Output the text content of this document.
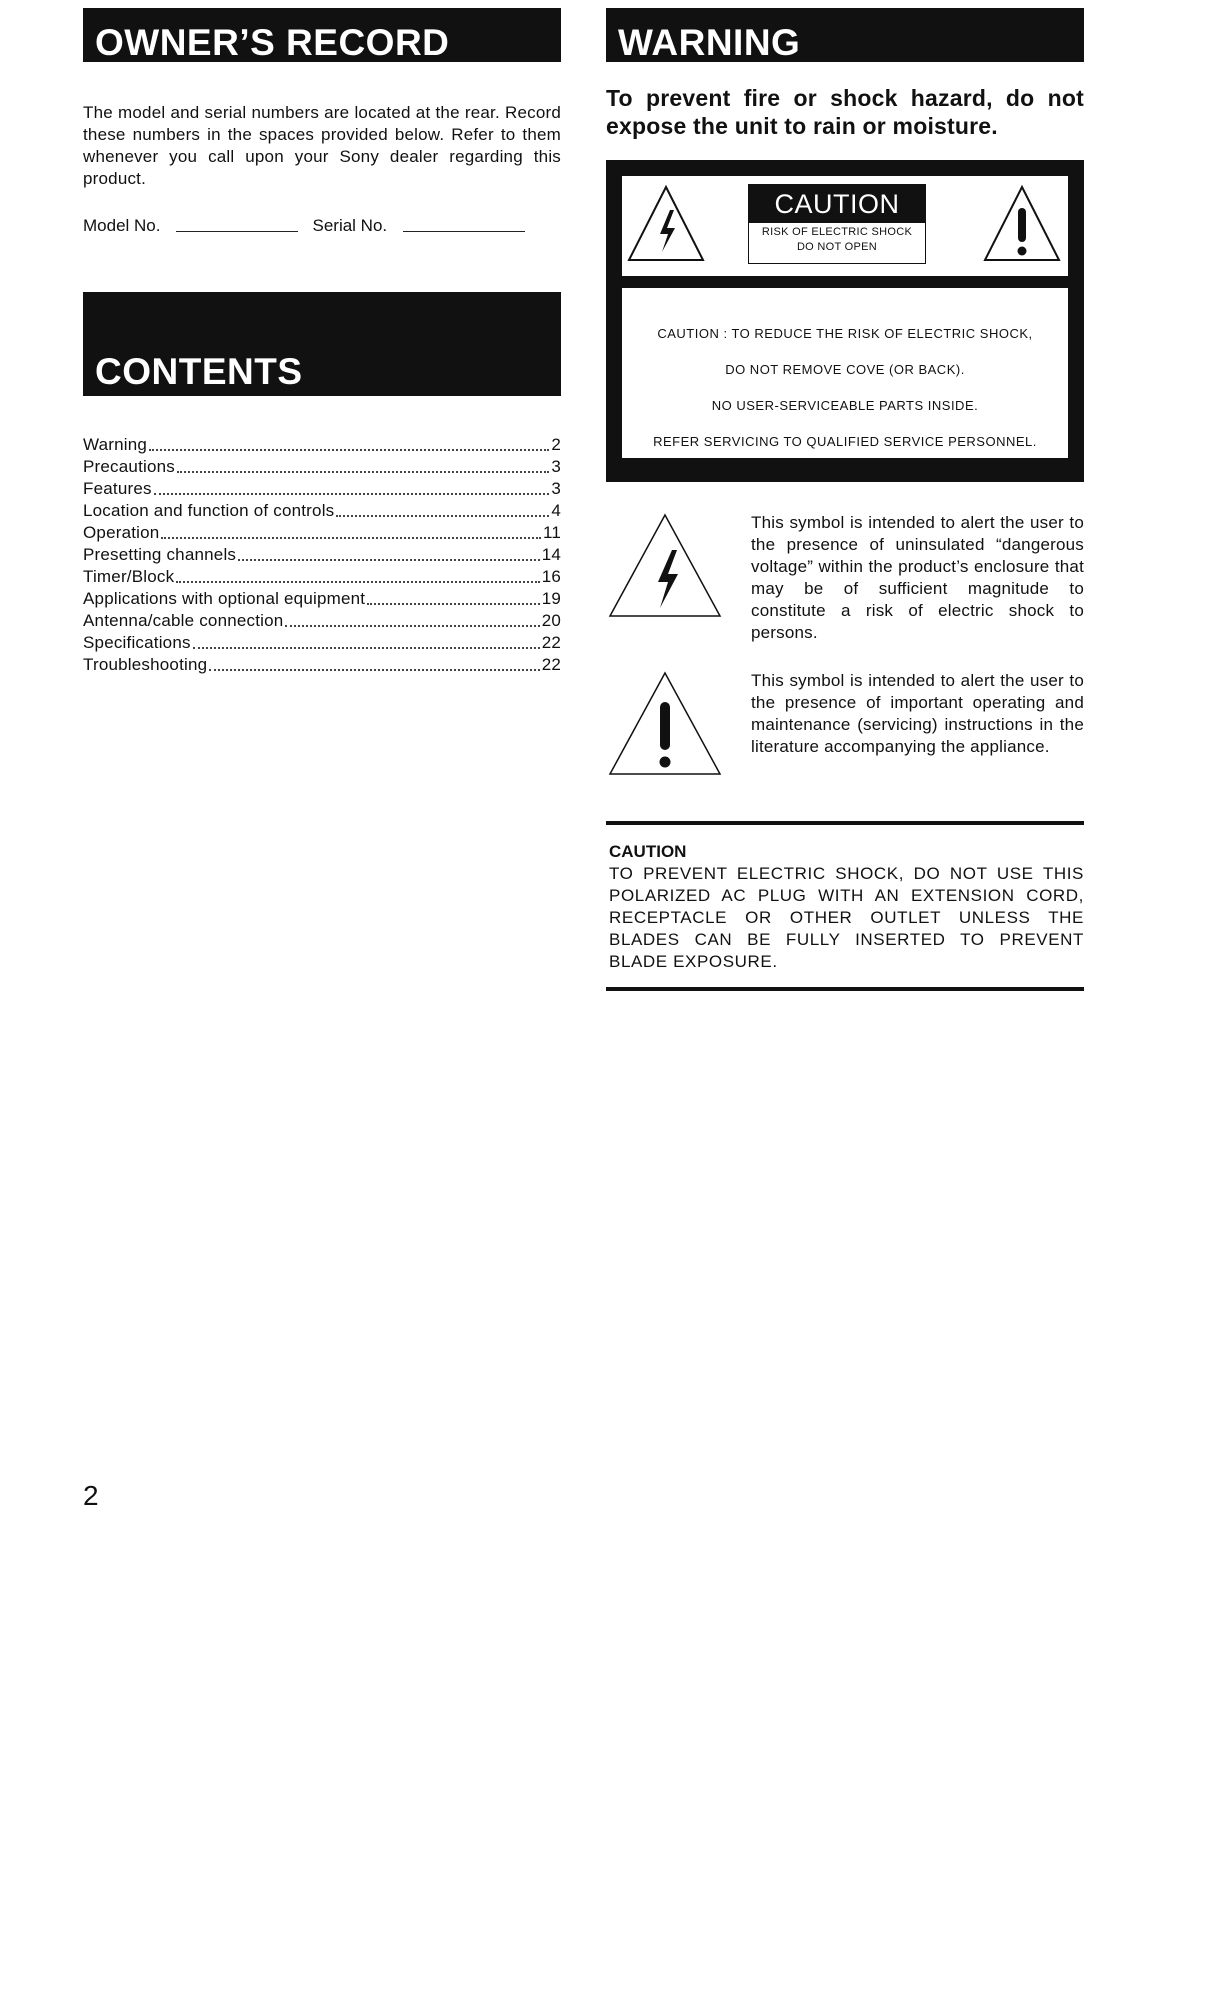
OWNER’S RECORD
The model and serial numbers are located at the rear. Record these numbers in the spaces provided below. Refer to them whenever you call upon your Sony dealer regarding this product.
Model No.	Serial No.
CONTENTS
Warning	2
Precautions	3
Features	3
Location and function of controls	4
Operation	11
Presetting channels	14
Timer/Block	16
Applications with optional equipment	19
Antenna/cable connection	20
Specifications	22
Troubleshooting	22
2
WARNING
To prevent fire or shock hazard, do not expose the unit to rain or moisture.
CAUTION
RISK OF ELECTRIC SHOCK
DO NOT OPEN

CAUTION : TO REDUCE THE RISK OF ELECTRIC SHOCK,

DO NOT REMOVE COVE (OR BACK).

NO USER-SERVICEABLE PARTS INSIDE.

REFER SERVICING TO QUALIFIED SERVICE PERSONNEL.

This symbol is intended to alert the user to the presence of uninsulated “dangerous voltage” within the product’s enclosure that may be of sufficient magnitude to constitute a risk of electric shock to persons.
This symbol is intended to alert the user to the presence of important operating and maintenance (servicing) instructions in the literature accompanying the appliance.
CAUTION
TO PREVENT ELECTRIC SHOCK, DO NOT USE THIS POLARIZED AC PLUG WITH AN EXTENSION CORD, RECEPTACLE OR OTHER OUTLET UNLESS THE BLADES CAN BE FULLY INSERTED TO PREVENT BLADE EXPOSURE.
